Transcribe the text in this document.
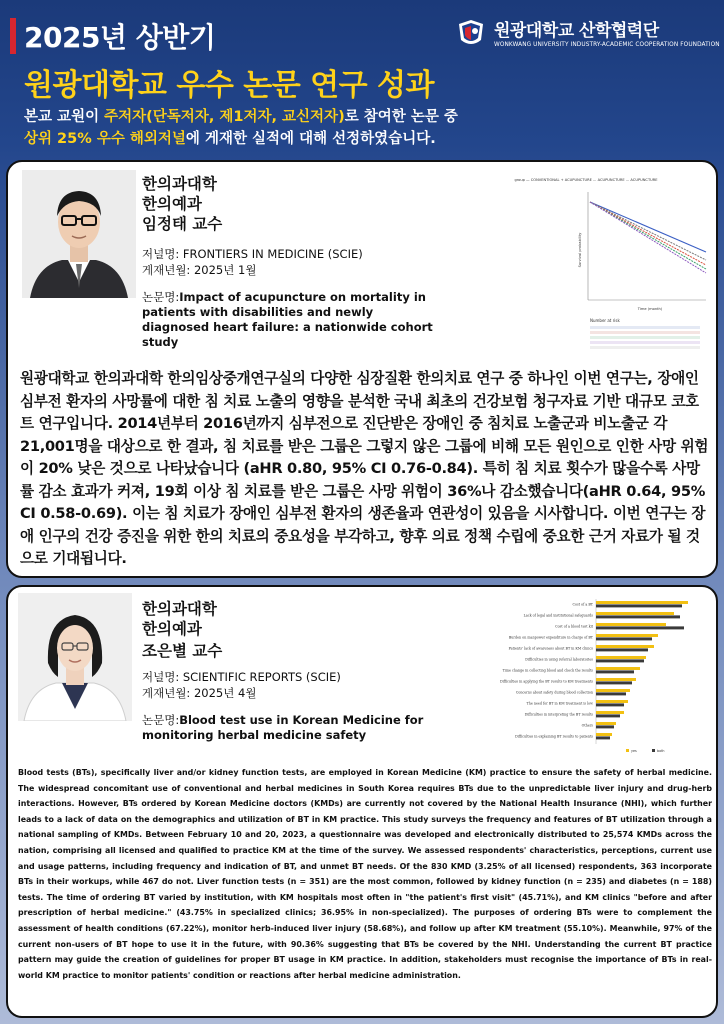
2025년 상반기
원광대학교 우수 논문 연구 성과
본교 교원이 주저자(단독저자, 제1저자, 교신저자)로 참여한 논문 중
상위 25% 우수 해외저널에 게재한 실적에 대해 선정하였습니다.
원광대학교 산학협력단
WONKWANG UNIVERSITY INDUSTRY-ACADEMIC COOPERATION FOUNDATION
한의과대학
한의예과
임정태 교수
저널명: FRONTIERS IN MEDICINE (SCIE)
게재년월: 2025년 1월
논문명:Impact of acupuncture on mortality in patients with disabilities and newly diagnosed heart failure: a nationwide cohort study
group — CONVENTIONAL + ACUPUNCTURE ... ACUPUNCTURE ... ACUPUNCTURE
Survival probability
Time (month)
Number at risk
원광대학교 한의과대학 한의임상중개연구실의 다양한 심장질환 한의치료 연구 중 하나인 이번 연구는, 장애인 심부전 환자의 사망률에 대한 침 치료 노출의 영향을 분석한 국내 최초의 건강보험 청구자료 기반 대규모 코호트 연구입니다. 2014년부터 2016년까지 심부전으로 진단받은 장애인 중 침치료 노출군과 비노출군 각 21,001명을 대상으로 한 결과, 침 치료를 받은 그룹은 그렇지 않은 그룹에 비해 모든 원인으로 인한 사망 위험이 20% 낮은 것으로 나타났습니다 (aHR 0.80, 95% CI 0.76-0.84). 특히 침 치료 횟수가 많을수록 사망률 감소 효과가 커져, 19회 이상 침 치료를 받은 그룹은 사망 위험이 36%나 감소했습니다(aHR 0.64, 95% CI 0.58-0.69). 이는 침 치료가 장애인 심부전 환자의 생존율과 연관성이 있음을 시사합니다. 이번 연구는 장애 인구의 건강 증진을 위한 한의 치료의 중요성을 부각하고, 향후 의료 정책 수립에 중요한 근거 자료가 될 것으로 기대됩니다.
한의과대학
한의예과
조은별 교수
저널명: SCIENTIFIC REPORTS (SCIE)
게재년월: 2025년 4월
논문명:Blood test use in Korean Medicine for monitoring herbal medicine safety
Cost of a BT
Lack of legal and institutional safeguards
Cost of a blood test kit
Burden on manpower expenditure in charge of BT
Patients' lack of awareness about BT in KM clinics
Difficulties in using referral laboratories
Time change in collecting blood and check the results
Difficulties in applying the BT results to KM treatments
Concerns about safety during blood collection
The need for BT in KM treatment is low
Difficulties in interpreting the BT results
Others
Difficulties in explaining BT results to patients
yes	both
Blood tests (BTs), specifically liver and/or kidney function tests, are employed in Korean Medicine (KM) practice to ensure the safety of herbal medicine. The widespread concomitant use of conventional and herbal medicines in South Korea requires BTs due to the unpredictable liver injury and drug-herb interactions. However, BTs ordered by Korean Medicine doctors (KMDs) are currently not covered by the National Health Insurance (NHI), which further leads to a lack of data on the demographics and utilization of BT in KM practice. This study surveys the frequency and features of BT utilization through a national sampling of KMDs. Between February 10 and 20, 2023, a questionnaire was developed and electronically distributed to 25,574 KMDs across the nation, comprising all licensed and qualified to practice KM at the time of the survey. We assessed respondents' characteristics, perceptions, current use and usage patterns, including frequency and indication of BT, and unmet BT needs. Of the 830 KMD (3.25% of all licensed) respondents, 363 incorporate BTs in their workups, while 467 do not. Liver function tests (n = 351) are the most common, followed by kidney function (n = 235) and diabetes (n = 188) tests. The time of ordering BT varied by institution, with KM hospitals most often in "the patient's first visit" (45.71%), and KM clinics "before and after prescription of herbal medicine." (43.75% in specialized clinics; 36.95% in non-specialized). The purposes of ordering BTs were to complement the assessment of health conditions (67.22%), monitor herb-induced liver injury (58.68%), and follow up after KM treatment (55.10%). Meanwhile, 97% of the current non-users of BT hope to use it in the future, with 90.36% suggesting that BTs be covered by the NHI. Understanding the current BT practice pattern may guide the creation of guidelines for proper BT usage in KM practice. In addition, stakeholders must recognise the importance of BTs in real-world KM practice to monitor patients' condition or reactions after herbal medicine administration.
